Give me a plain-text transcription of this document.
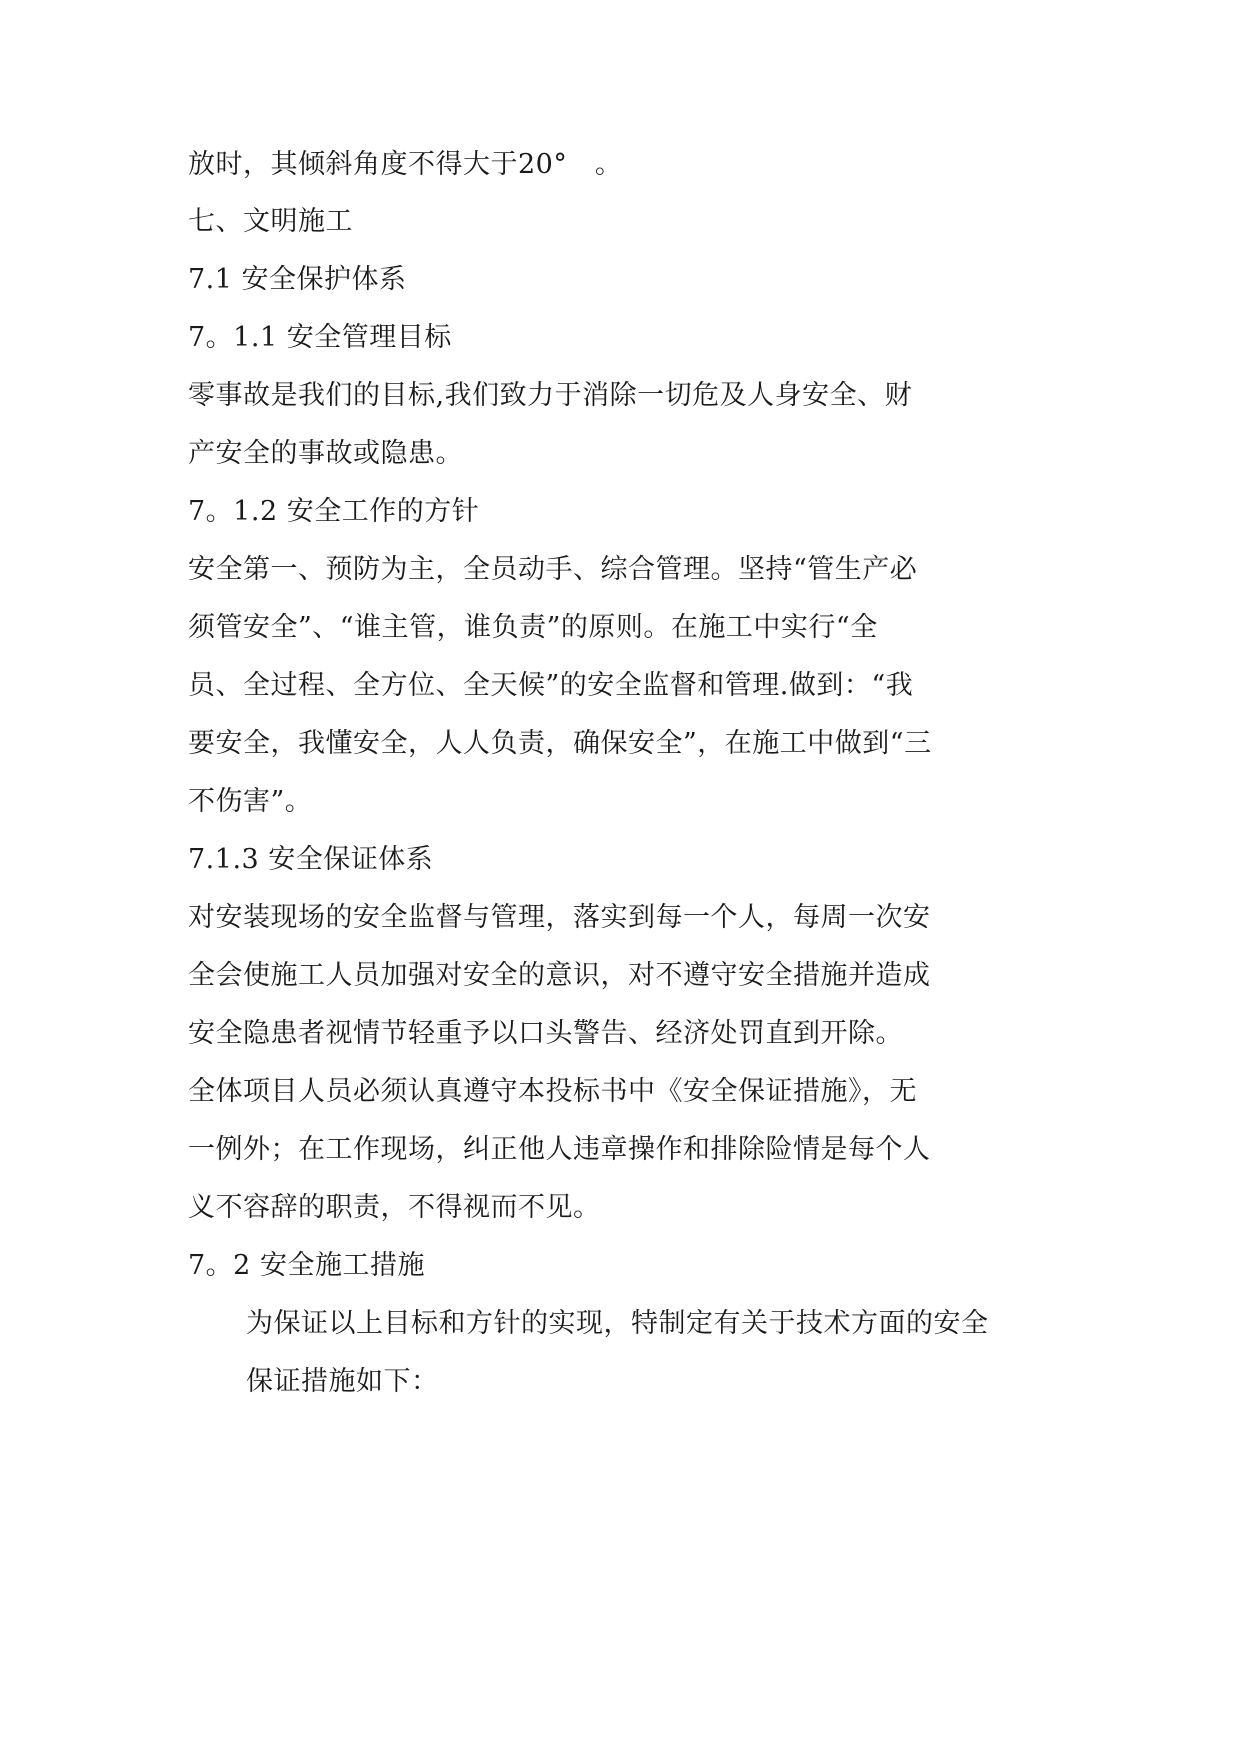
放时，其倾斜角度不得大于20°　。
七、文明施工
7.1 安全保护体系
7。1.1 安全管理目标
零事故是我们的目标,我们致力于消除一切危及人身安全、财
产安全的事故或隐患。
7。1.2 安全工作的方针
安全第一、预防为主，全员动手、综合管理。坚持“管生产必
须管安全”、“谁主管，谁负责”的原则。在施工中实行“全
员、全过程、全方位、全天候”的安全监督和管理.做到：“我
要安全，我懂安全，人人负责，确保安全”，在施工中做到“三
不伤害”。
7.1.3 安全保证体系
对安装现场的安全监督与管理，落实到每一个人，每周一次安
全会使施工人员加强对安全的意识，对不遵守安全措施并造成
安全隐患者视情节轻重予以口头警告、经济处罚直到开除。
全体项目人员必须认真遵守本投标书中《安全保证措施》，无
一例外；在工作现场，纠正他人违章操作和排除险情是每个人
义不容辞的职责，不得视而不见。
7。2 安全施工措施
为保证以上目标和方针的实现，特制定有关于技术方面的安全
保证措施如下：
